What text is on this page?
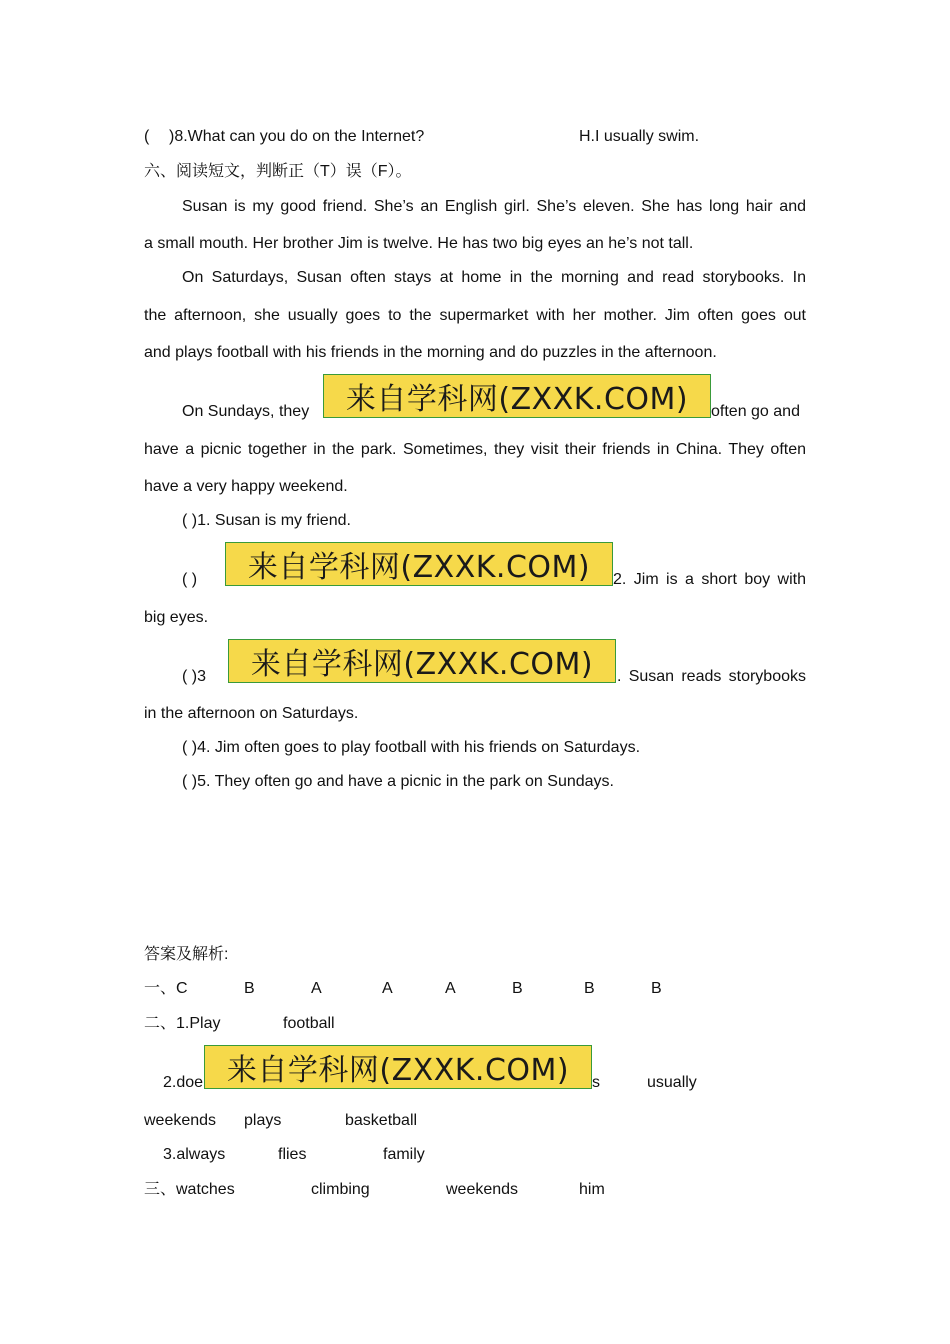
( )8.What can you do on the Internet?	H.I usually swim.
六、阅读短文，判断正（T）误（F）。
Susan is my good friend. She’s an English girl. She’s eleven. She has long hair and
a small mouth. Her brother Jim is twelve. He has two big eyes an he’s not tall.
On Saturdays, Susan often stays at home in the morning and read storybooks. In
the afternoon, she usually goes to the supermarket with her mother. Jim often goes out
and plays football with his friends in the morning and do puzzles in the afternoon.
On Sundays, they 来自学科网(ZXXK.COM) often go and
have a picnic together in the park. Sometimes, they visit their friends in China. They often
have a very happy weekend.
( )1. Susan is my friend.
( ) 来自学科网(ZXXK.COM) 2. Jim is a short boy with
big eyes.
( )3 来自学科网(ZXXK.COM) . Susan reads storybooks
in the afternoon on Saturdays.
( )4. Jim often goes to play football with his friends on Saturdays.
( )5. They often go and have a picnic in the park on Sundays.
答案及解析:
一、C	B	A	A	A	B	B	B
二、1.Play	football
2.doe 来自学科网(ZXXK.COM) s	usually
weekends plays	basketball
3.always	flies	family
三、watches	climbing	weekends	him
